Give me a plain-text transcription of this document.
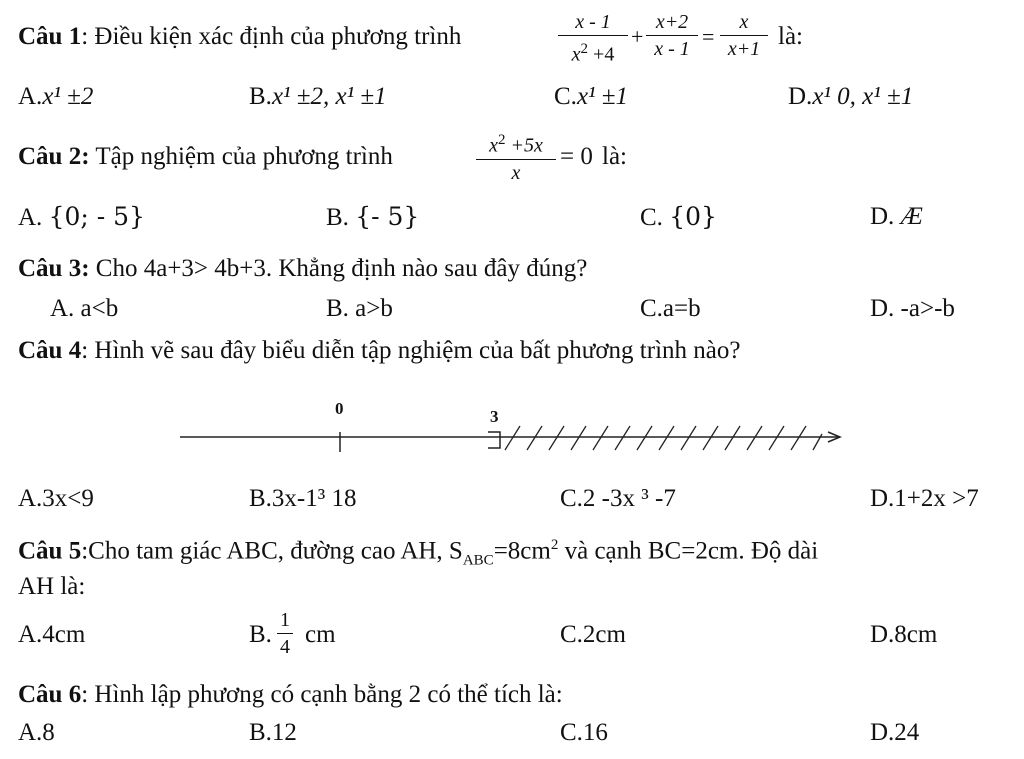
Câu 1: Điều kiện xác định của phương trình
x - 1
$x^2 +4$
+
x+2
x - 1 =
x
x+1 là:
A.x¹ ±2	B.x¹ ±2, x¹ ±1	C.x¹ ±1	D.x¹ 0, x¹ ±1
Câu 2: Tập nghiệm của phương trình	$x^2 +5x$
x
= 0 là:
A. {0; - 5}	B. {- 5}	C. {0}	D. Æ
Câu 3: Cho 4a+3> 4b+3. Khẳng định nào sau đây đúng?
A. a<b	B. a>b	C.a=b	D. -a>-b
Câu 4: Hình vẽ sau đây biểu diễn tập nghiệm của bất phương trình nào?
0	3
A.3x<9	B.3x-1³ 18	C.2 -3x ³ -7	D.1+2x >7
Câu 5:Cho tam giác ABC, đường cao AH, $S_{ABC}=8cm^2$ và cạnh BC=2cm. Độ dài
AH là:
A.4cm	B.
1
4 cm	C.2cm	D.8cm
Câu 6: Hình lập phương có cạnh bằng 2 có thể tích là:
A.8	B.12	C.16	D.24
